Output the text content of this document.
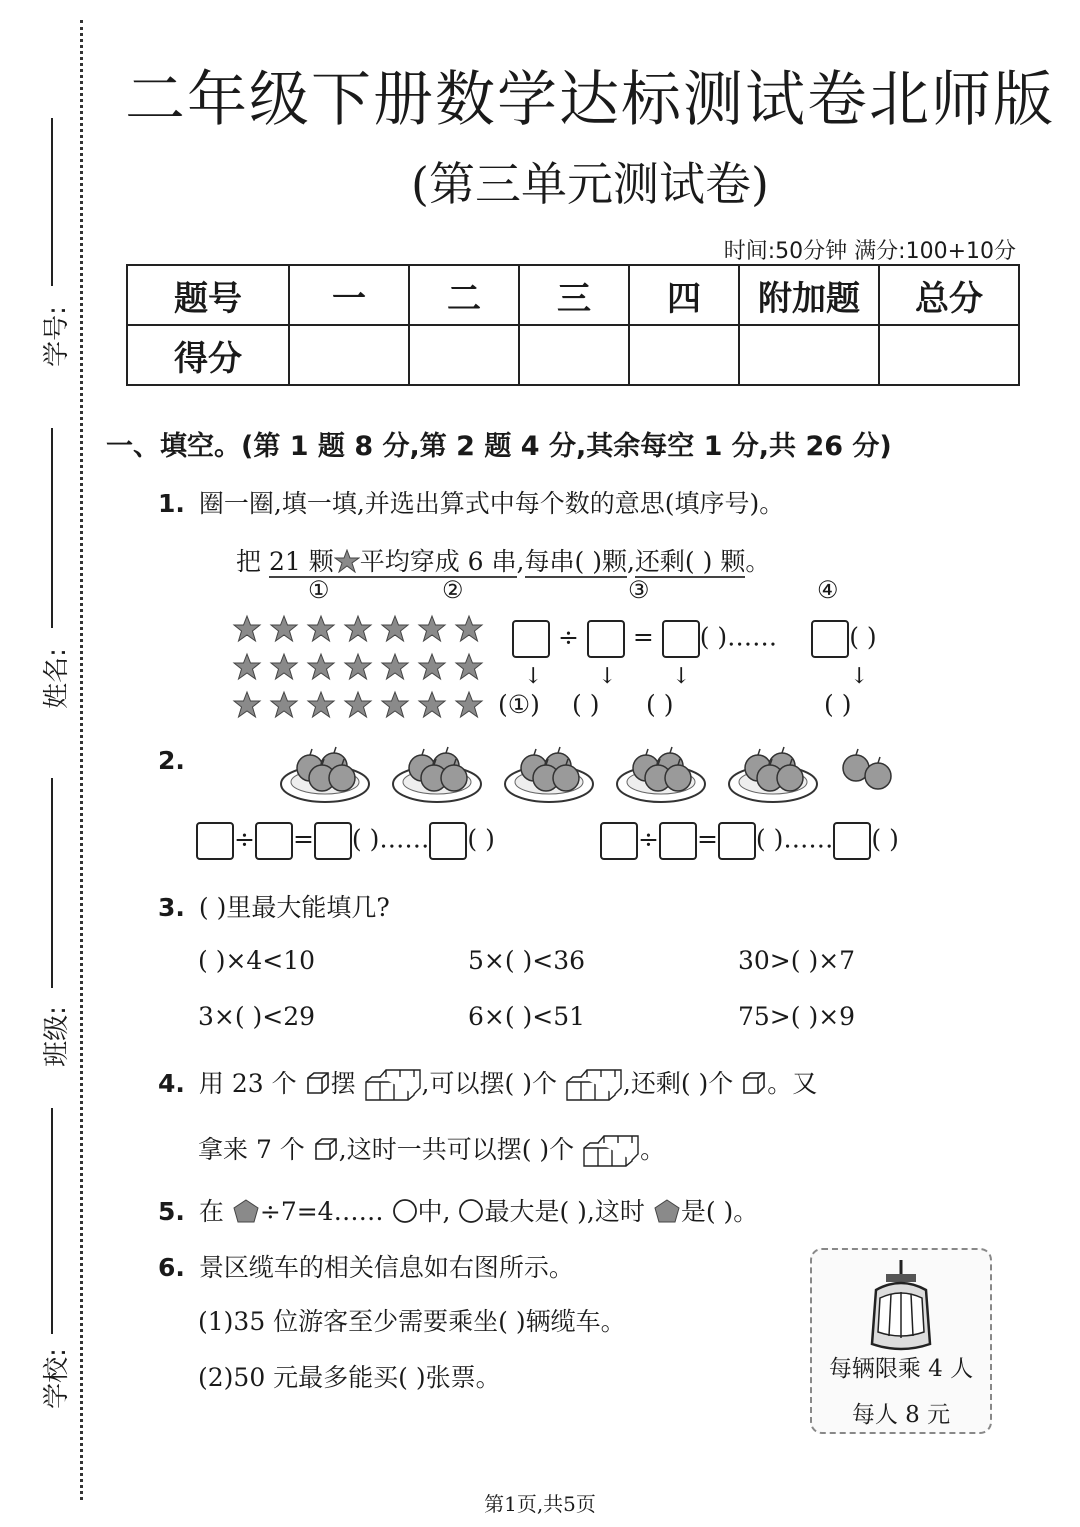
学号:
姓名:
班级:
学校:
二年级下册数学达标测试卷北师版
(第三单元测试卷)
时间:50分钟 满分:100+10分
题号	一	二	三	四	附加题	总分
得分						
一、填空。(第 1 题 8 分,第 2 题 4 分,其余每空 1 分,共 26 分)
1. 圈一圈,填一填,并选出算式中每个数的意思(填序号)。
把 21 颗 平均穿成 6 串,每串( )颗,还剩( ) 颗。
①	②	③	④
÷ = ( )……	( )
↓	↓	↓	↓
(①) ( ) ( )	( )
2.
÷ = ( )…… ( )	÷ = ( )…… ( )
3. ( )里最大能填几?
( )×4<10	5×( )<36	30>( )×7
3×( )<29	6×( )<51	75>( )×9
4. 用 23 个 摆	,可以摆( )个	,还剩( )个 。又
拿来 7 个 ,这时一共可以摆( )个	。
5. 在 ÷7=4…… 中, 最大是( ),这时 是( )。
6. 景区缆车的相关信息如右图所示。
(1)35 位游客至少需要乘坐( )辆缆车。
(2)50 元最多能买( )张票。	每辆限乘 4 人
每人 8 元
第1页,共5页
